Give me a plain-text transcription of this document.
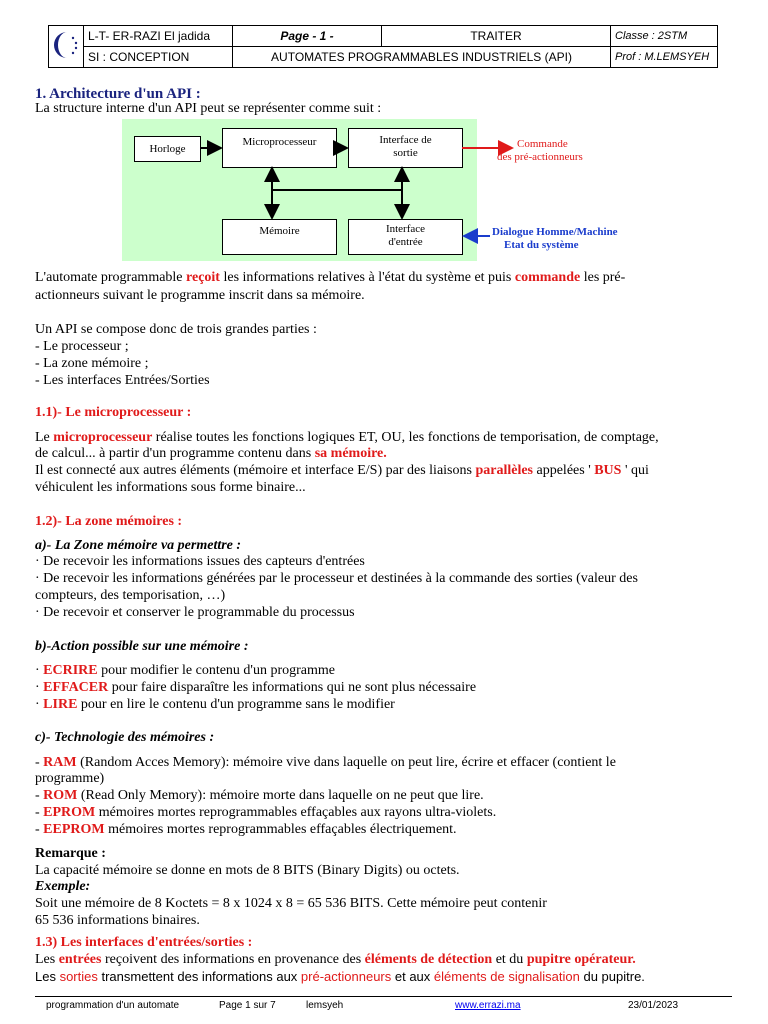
	L-T- ER-RAZI El jadida	Page - 1 -	TRAITER	Classe : 2STM
	SI : CONCEPTION	AUTOMATES PROGRAMMABLES INDUSTRIELS (API)		Prof : M.LEMSYEH
1. Architecture d'un API :
La structure interne d'un API peut se représenter comme suit :
Horloge
Microprocesseur	Interface de
sortie
Mémoire	Interface
d'entrée
Commande
des pré-actionneurs
Dialogue Homme/Machine
Etat du système
L'automate programmable reçoit les informations relatives à l'état du système et puis commande les pré-
actionneurs suivant le programme inscrit dans sa mémoire.
Un API se compose donc de trois grandes parties :
- Le processeur ;
- La zone mémoire ;
- Les interfaces Entrées/Sorties
1.1)- Le microprocesseur :
Le microprocesseur réalise toutes les fonctions logiques ET, OU, les fonctions de temporisation, de comptage,
de calcul... à partir d'un programme contenu dans sa mémoire.
Il est connecté aux autres éléments (mémoire et interface E/S) par des liaisons parallèles appelées ' BUS ' qui
véhiculent les informations sous forme binaire...
1.2)- La zone mémoires :
a)- La Zone mémoire va permettre :
· De recevoir les informations issues des capteurs d'entrées
· De recevoir les informations générées par le processeur et destinées à la commande des sorties (valeur des
compteurs, des temporisation, …)
· De recevoir et conserver le programmable du processus
b)-Action possible sur une mémoire :
· ECRIRE pour modifier le contenu d'un programme
· EFFACER pour faire disparaître les informations qui ne sont plus nécessaire
· LIRE pour en lire le contenu d'un programme sans le modifier
c)- Technologie des mémoires :
- RAM (Random Acces Memory): mémoire vive dans laquelle on peut lire, écrire et effacer (contient le
programme)
- ROM (Read Only Memory): mémoire morte dans laquelle on ne peut que lire.
- EPROM mémoires mortes reprogrammables effaçables aux rayons ultra-violets.
- EEPROM mémoires mortes reprogrammables effaçables électriquement.
Remarque :
La capacité mémoire se donne en mots de 8 BITS (Binary Digits) ou octets.
Exemple:
Soit une mémoire de 8 Koctets = 8 x 1024 x 8 = 65 536 BITS. Cette mémoire peut contenir
65 536 informations binaires.
1.3) Les interfaces d'entrées/sorties :
Les entrées reçoivent des informations en provenance des éléments de détection et du pupitre opérateur.
Les sorties transmettent des informations aux pré-actionneurs et aux éléments de signalisation du pupitre.
programmation d'un automate	Page 1 sur 7	lemsyeh	www.errazi.ma	23/01/2023
